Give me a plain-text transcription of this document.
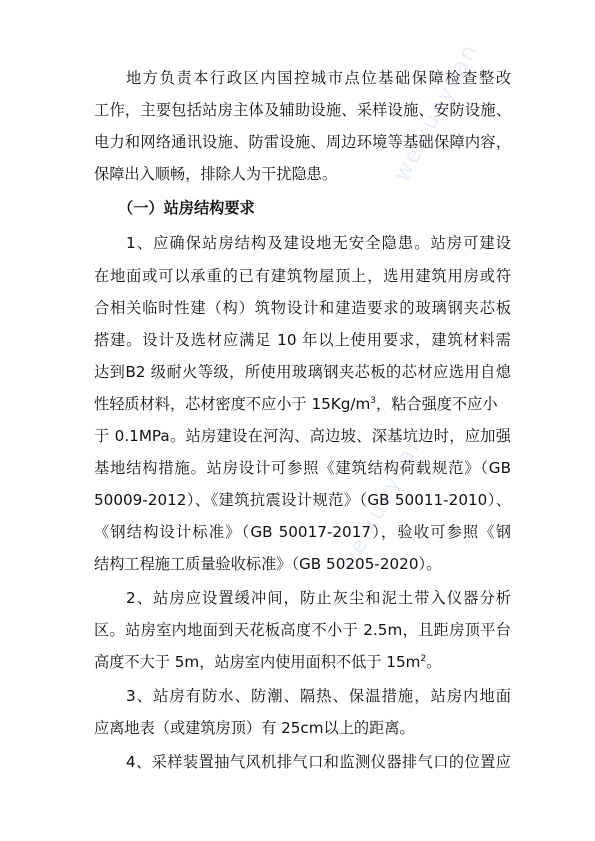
weixueyuan
weixueyuan
地方负责本行政区内国控城市点位基础保障检查整改
工作，主要包括站房主体及辅助设施、采样设施、安防设施、
电力和网络通讯设施、防雷设施、周边环境等基础保障内容，
保障出入顺畅，排除人为干扰隐患。
（一）站房结构要求
1、应确保站房结构及建设地无安全隐患。站房可建设
在地面或可以承重的已有建筑物屋顶上，选用建筑用房或符
合相关临时性建（构）筑物设计和建造要求的玻璃钢夹芯板
搭建。设计及选材应满足 10 年以上使用要求，建筑材料需
达到B2 级耐火等级，所使用玻璃钢夹芯板的芯材应选用自熄
性轻质材料，芯材密度不应小于 $15Kg/m^3$，粘合强度不应小
于 0.1MPa。站房建设在河沟、高边坡、深基坑边时，应加强
基地结构措施。站房设计可参照《建筑结构荷载规范》（GB
50009-2012）、《建筑抗震设计规范》（GB 50011-2010）、
《钢结构设计标准》（GB 50017-2017），验收可参照《钢
结构工程施工质量验收标准》（GB 50205-2020）。
2、站房应设置缓冲间，防止灰尘和泥土带入仪器分析
区。站房室内地面到天花板高度不小于 2.5m，且距房顶平台
高度不大于 5m，站房室内使用面积不低于 $15m^2$。
3、站房有防水、防潮、隔热、保温措施，站房内地面
应离地表（或建筑房顶）有 25cm以上的距离。
4、采样装置抽气风机排气口和监测仪器排气口的位置应
